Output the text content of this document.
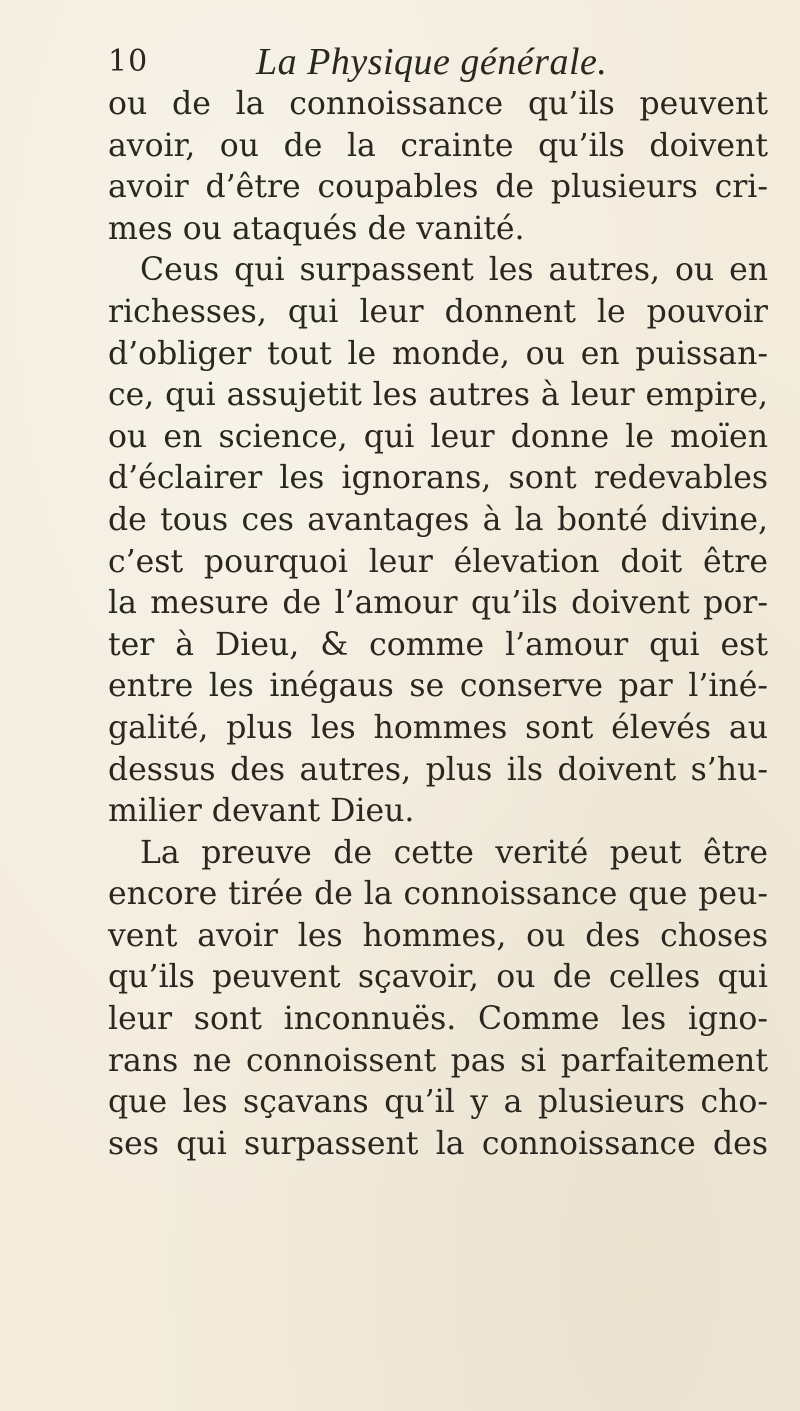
10	La Physique générale.
ou de la connoissance qu’ils peuvent
avoir, ou de la crainte qu’ils doivent
avoir d’être coupables de plusieurs cri-
mes ou ataqués de vanité.
Ceus qui surpassent les autres, ou en
richesses, qui leur donnent le pouvoir
d’obliger tout le monde, ou en puissan-
ce, qui assujetit les autres à leur empire,
ou en science, qui leur donne le moïen
d’éclairer les ignorans, sont redevables
de tous ces avantages à la bonté divine,
c’est pourquoi leur élevation doit être
la mesure de l’amour qu’ils doivent por-
ter à Dieu, & comme l’amour qui est
entre les inégaus se conserve par l’iné-
galité, plus les hommes sont élevés au
dessus des autres, plus ils doivent s’hu-
milier devant Dieu.
La preuve de cette verité peut être
encore tirée de la connoissance que peu-
vent avoir les hommes, ou des choses
qu’ils peuvent sçavoir, ou de celles qui
leur sont inconnuës. Comme les igno-
rans ne connoissent pas si parfaitement
que les sçavans qu’il y a plusieurs cho-
ses qui surpassent la connoissance des
